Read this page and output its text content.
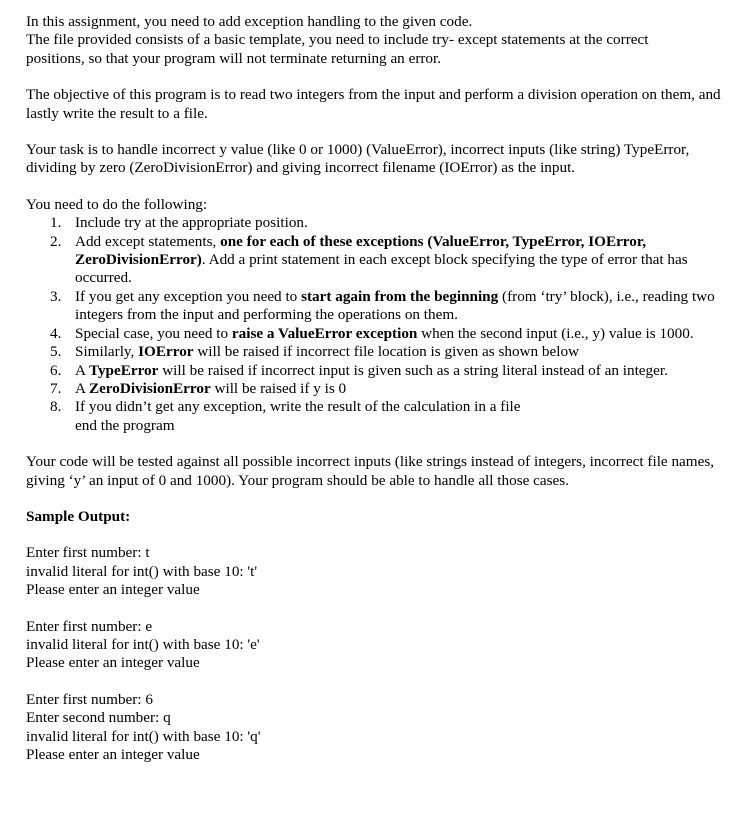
In this assignment, you need to add exception handling to the given code.
The file provided consists of a basic template, you need to include try- except statements at the correct
positions, so that your program will not terminate returning an error.

The objective of this program is to read two integers from the input and perform a division operation on them, and lastly write the result to a file.

Your task is to handle incorrect y value (like 0 or 1000) (ValueError), incorrect inputs (like string) TypeError, dividing by zero (ZeroDivisionError) and giving incorrect filename (IOError) as the input.

You need to do the following:

1. Include try at the appropriate position.
2. Add except statements, one for each of these exceptions (ValueError, TypeError, IOError, ZeroDivisionError). Add a print statement in each except block specifying the type of error that has occurred.
3. If you get any exception you need to start again from the beginning (from ‘try’ block), i.e., reading two integers from the input and performing the operations on them.
4. Special case, you need to raise a ValueError exception when the second input (i.e., y) value is 1000.
5. Similarly, IOError will be raised if incorrect file location is given as shown below
6. A TypeError will be raised if incorrect input is given such as a string literal instead of an integer.
7. A ZeroDivisionError will be raised if y is 0
8. If you didn’t get any exception, write the result of the calculation in a file
end the program

Your code will be tested against all possible incorrect inputs (like strings instead of integers, incorrect file names, giving ‘y’ an input of 0 and 1000). Your program should be able to handle all those cases.

Sample Output:

Enter first number: t
invalid literal for int() with base 10: 't'
Please enter an integer value
Enter first number: e
invalid literal for int() with base 10: 'e'
Please enter an integer value
Enter first number: 6
Enter second number: q
invalid literal for int() with base 10: 'q'
Please enter an integer value
